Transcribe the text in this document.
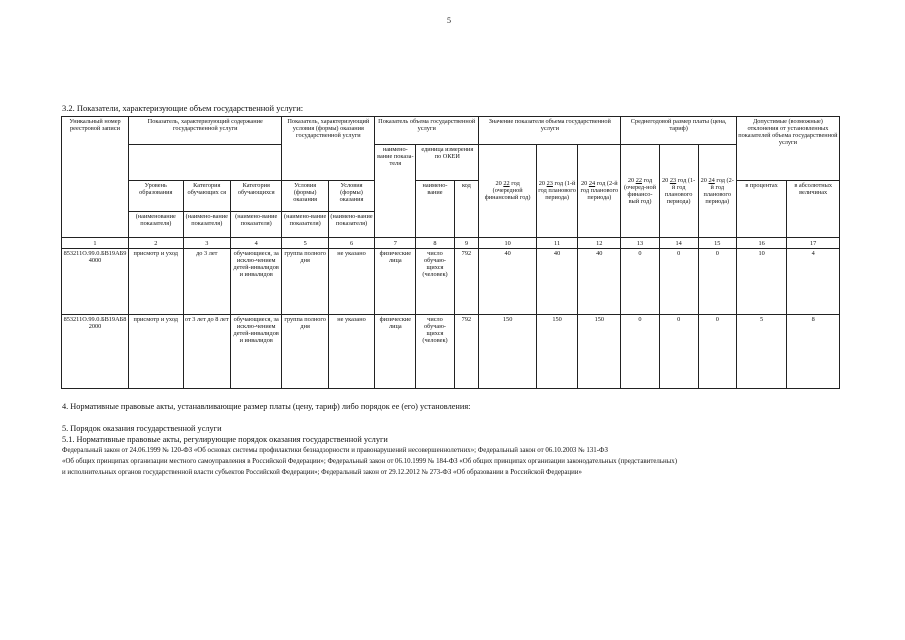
5
3.2. Показатели, характеризующие объем государственной услуги:
Уникальный номер реестровой записи	Показатель, характеризующий содержание государственной услуги			Показатель, характеризующий условия (формы) оказания государственной услуги		Показатель объема государственной услуги			Значение показателя объема государственной услуги			Среднегодовой размер платы (цена, тариф)			Допустимые (возможные) отклонения от установленных показателей объема государственной услуги	
						наимено-вание показа-теля	единица измерения по ОКЕИ		20 22 год (очередной финансовый год)	20 23 год (1-й год планового периода)	20 24 год (2-й год планового периода)	20 22 год (очеред-ной финансо-вый год)	20 23 год (1-й год планового периода)	20 24 год (2-й год планового периода)		
	Уровень образования	Категория обучающих ся	Категория обучающихся	Условия (формы) оказания	Условия (формы) оказания		наимено-вание	код							в процентах	в абсолютных величинах
	(наименование показателя)	(наимено-вание показателя)	(наимено-вание показателя)	(наимено-вание показателя)	(наимено-вание показателя)											
1	2	3	4	5	6	7	8	9	10	11	12	13	14	15	16	17
853211О.99.0.БВ19АБ94000	присмотр и уход	до 3 лет	обучающиеся, за исклю-чением детей-инвалидов и инвалидов	группа полного дня	не указано	физические лица	число обучаю-щихся (человек)	792	40	40	40	0	0	0	10	4
853211О.99.0.БВ19АБ82000	присмотр и уход	от 3 лет до 8 лет	обучающиеся, за исклю-чением детей-инвалидов и инвалидов	группа полного дня	не указано	физические лица	число обучаю-щихся (человек)	792	150	150	150	0	0	0	5	8
4. Нормативные правовые акты, устанавливающие размер платы (цену, тариф) либо порядок ее (его) установления:
5. Порядок оказания государственной услуги
5.1. Нормативные правовые акты, регулирующие порядок оказания государственной услуги
Федеральный закон от 24.06.1999 № 120-ФЗ «Об основах системы профилактики безнадзорности и правонарушений несовершеннолетних»; Федеральный закон от 06.10.2003 № 131-ФЗ
«Об общих принципах организации местного самоуправления в Российской Федерации»; Федеральный закон от 06.10.1999 № 184-ФЗ «Об общих принципах организации законодательных (представительных)
и исполнительных органов государственной власти субъектов Российской Федерации»; Федеральный закон от 29.12.2012 № 273-ФЗ «Об образовании в Российской Федерации»
